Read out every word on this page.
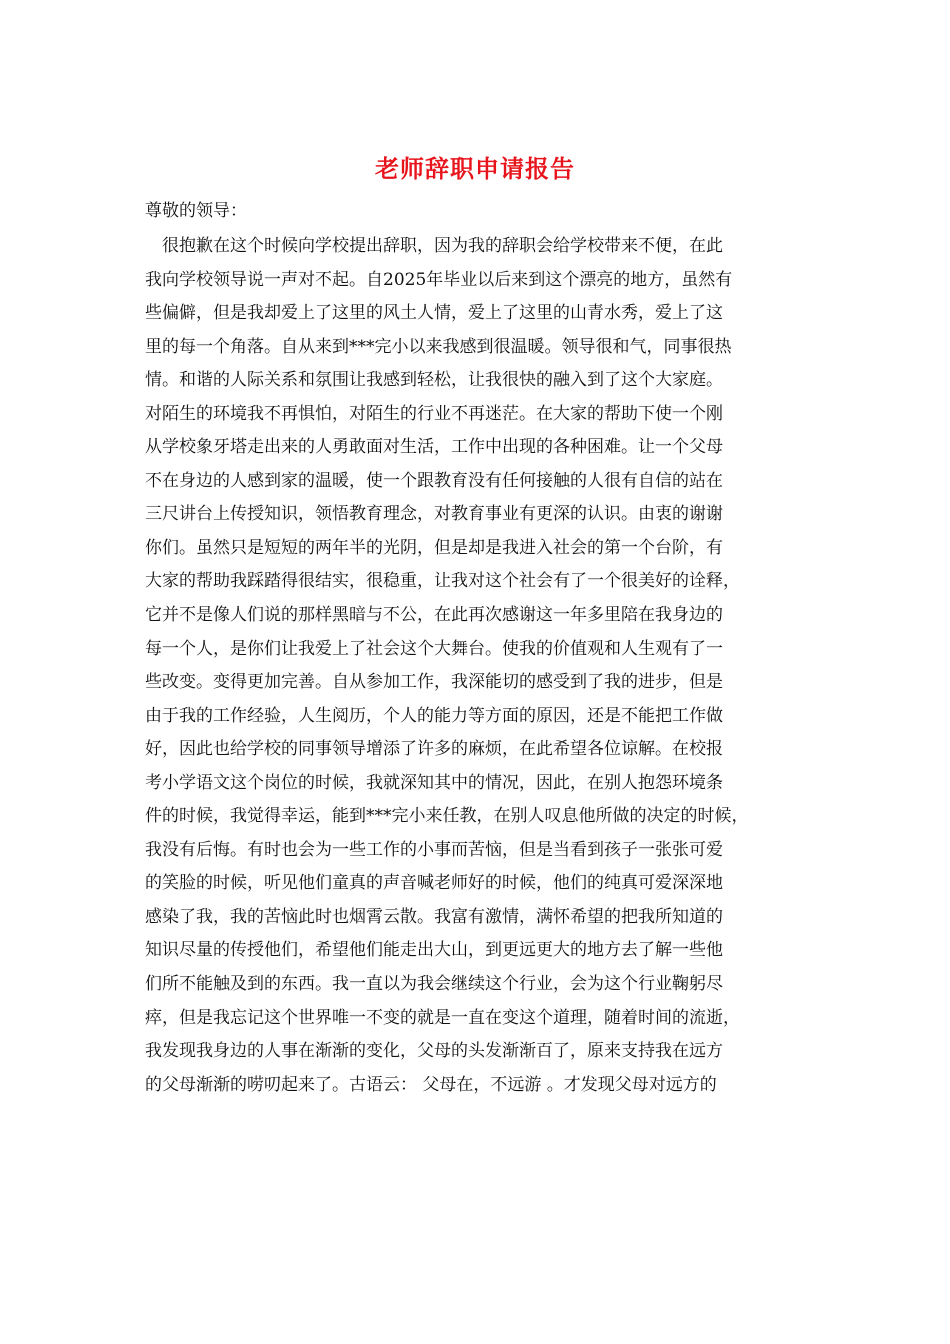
老师辞职申请报告
尊敬的领导：
很抱歉在这个时候向学校提出辞职，因为我的辞职会给学校带来不便，在此
我向学校领导说一声对不起。自2025年毕业以后来到这个漂亮的地方，虽然有
些偏僻，但是我却爱上了这里的风土人情，爱上了这里的山青水秀，爱上了这
里的每一个角落。自从来到***完小以来我感到很温暖。领导很和气，同事很热
情。和谐的人际关系和氛围让我感到轻松，让我很快的融入到了这个大家庭。
对陌生的环境我不再惧怕，对陌生的行业不再迷茫。在大家的帮助下使一个刚
从学校象牙塔走出来的人勇敢面对生活，工作中出现的各种困难。让一个父母
不在身边的人感到家的温暖，使一个跟教育没有任何接触的人很有自信的站在
三尺讲台上传授知识，领悟教育理念，对教育事业有更深的认识。由衷的谢谢
你们。虽然只是短短的两年半的光阴，但是却是我进入社会的第一个台阶，有
大家的帮助我踩踏得很结实，很稳重，让我对这个社会有了一个很美好的诠释，
它并不是像人们说的那样黑暗与不公，在此再次感谢这一年多里陪在我身边的
每一个人，是你们让我爱上了社会这个大舞台。使我的价值观和人生观有了一
些改变。变得更加完善。自从参加工作，我深能切的感受到了我的进步，但是
由于我的工作经验，人生阅历，个人的能力等方面的原因，还是不能把工作做
好，因此也给学校的同事领导增添了许多的麻烦，在此希望各位谅解。在校报
考小学语文这个岗位的时候，我就深知其中的情况，因此，在别人抱怨环境条
件的时候，我觉得幸运，能到***完小来任教，在别人叹息他所做的决定的时候，
我没有后悔。有时也会为一些工作的小事而苦恼，但是当看到孩子一张张可爱
的笑脸的时候，听见他们童真的声音喊老师好的时候，他们的纯真可爱深深地
感染了我，我的苦恼此时也烟霄云散。我富有激情，满怀希望的把我所知道的
知识尽量的传授他们，希望他们能走出大山，到更远更大的地方去了解一些他
们所不能触及到的东西。我一直以为我会继续这个行业，会为这个行业鞠躬尽
瘁，但是我忘记这个世界唯一不变的就是一直在变这个道理，随着时间的流逝，
我发现我身边的人事在渐渐的变化，父母的头发渐渐百了，原来支持我在远方
的父母渐渐的唠叨起来了。古语云： 父母在，不远游 。才发现父母对远方的
